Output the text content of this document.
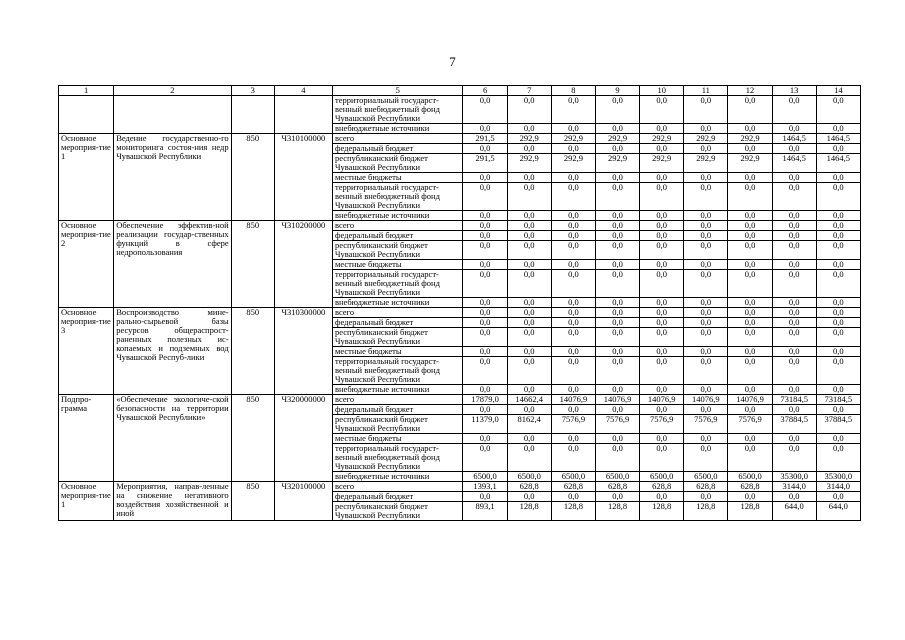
7
1	2	3	4	5	6	7	8	9	10	11	12	13	14
				территориальный государст-венный внебюджетный фонд Чувашской Республики	0,0	0,0	0,0	0,0	0,0	0,0	0,0	0,0	0,0
				внебюджетные источники	0,0	0,0	0,0	0,0	0,0	0,0	0,0	0,0	0,0
Основное мероприя-тие 1	Ведение государственно-го мониторинга состоя-ния недр Чувашской Республики	850	Ч310100000	всего	291,5	292,9	292,9	292,9	292,9	292,9	292,9	1464,5	1464,5
				федеральный бюджет	0,0	0,0	0,0	0,0	0,0	0,0	0,0	0,0	0,0
				республиканский бюджет Чувашской Республики	291,5	292,9	292,9	292,9	292,9	292,9	292,9	1464,5	1464,5
				местные бюджеты	0,0	0,0	0,0	0,0	0,0	0,0	0,0	0,0	0,0
				территориальный государст-венный внебюджетный фонд Чувашской Республики	0,0	0,0	0,0	0,0	0,0	0,0	0,0	0,0	0,0
				внебюджетные источники	0,0	0,0	0,0	0,0	0,0	0,0	0,0	0,0	0,0
Основное мероприя-тие 2	Обеспечение эффектив-ной реализации государ-ственных функций в сфере недропользования	850	Ч310200000	всего	0,0	0,0	0,0	0,0	0,0	0,0	0,0	0,0	0,0
				федеральный бюджет	0,0	0,0	0,0	0,0	0,0	0,0	0,0	0,0	0,0
				республиканский бюджет Чувашской Республики	0,0	0,0	0,0	0,0	0,0	0,0	0,0	0,0	0,0
				местные бюджеты	0,0	0,0	0,0	0,0	0,0	0,0	0,0	0,0	0,0
				территориальный государст-венный внебюджетный фонд Чувашской Республики	0,0	0,0	0,0	0,0	0,0	0,0	0,0	0,0	0,0
				внебюджетные источники	0,0	0,0	0,0	0,0	0,0	0,0	0,0	0,0	0,0
Основное мероприя-тие 3	Воспроизводство мине-рально-сырьевой базы ресурсов общераспрост-раненных полезных ис-копаемых и подземных вод Чувашской Респуб-лики	850	Ч310300000	всего	0,0	0,0	0,0	0,0	0,0	0,0	0,0	0,0	0,0
				федеральный бюджет	0,0	0,0	0,0	0,0	0,0	0,0	0,0	0,0	0,0
				республиканский бюджет Чувашской Республики	0,0	0,0	0,0	0,0	0,0	0,0	0,0	0,0	0,0
				местные бюджеты	0,0	0,0	0,0	0,0	0,0	0,0	0,0	0,0	0,0
				территориальный государст-венный внебюджетный фонд Чувашской Республики	0,0	0,0	0,0	0,0	0,0	0,0	0,0	0,0	0,0
				внебюджетные источники	0,0	0,0	0,0	0,0	0,0	0,0	0,0	0,0	0,0
Подпро-грамма	«Обеспечение экологиче-ской безопасности на территории Чувашской Республики»	850	Ч320000000	всего	17879,0	14662,4	14076,9	14076,9	14076,9	14076,9	14076,9	73184,5	73184,5
				федеральный бюджет	0,0	0,0	0,0	0,0	0,0	0,0	0,0	0,0	0,0
				республиканский бюджет Чувашской Республики	11379,0	8162,4	7576,9	7576,9	7576,9	7576,9	7576,9	37884,5	37884,5
				местные бюджеты	0,0	0,0	0,0	0,0	0,0	0,0	0,0	0,0	0,0
				территориальный государст-венный внебюджетный фонд Чувашской Республики	0,0	0,0	0,0	0,0	0,0	0,0	0,0	0,0	0,0
				внебюджетные источники	6500,0	6500,0	6500,0	6500,0	6500,0	6500,0	6500,0	35300,0	35300,0
Основное мероприя-тие 1	Мероприятия, направ-ленные на снижение негативного воздействия хозяйственной и иной	850	Ч320100000	всего	1393,1	628,8	628,8	628,8	628,8	628,8	628,8	3144,0	3144,0
				федеральный бюджет	0,0	0,0	0,0	0,0	0,0	0,0	0,0	0,0	0,0
				республиканский бюджет Чувашской Республики	893,1	128,8	128,8	128,8	128,8	128,8	128,8	644,0	644,0
